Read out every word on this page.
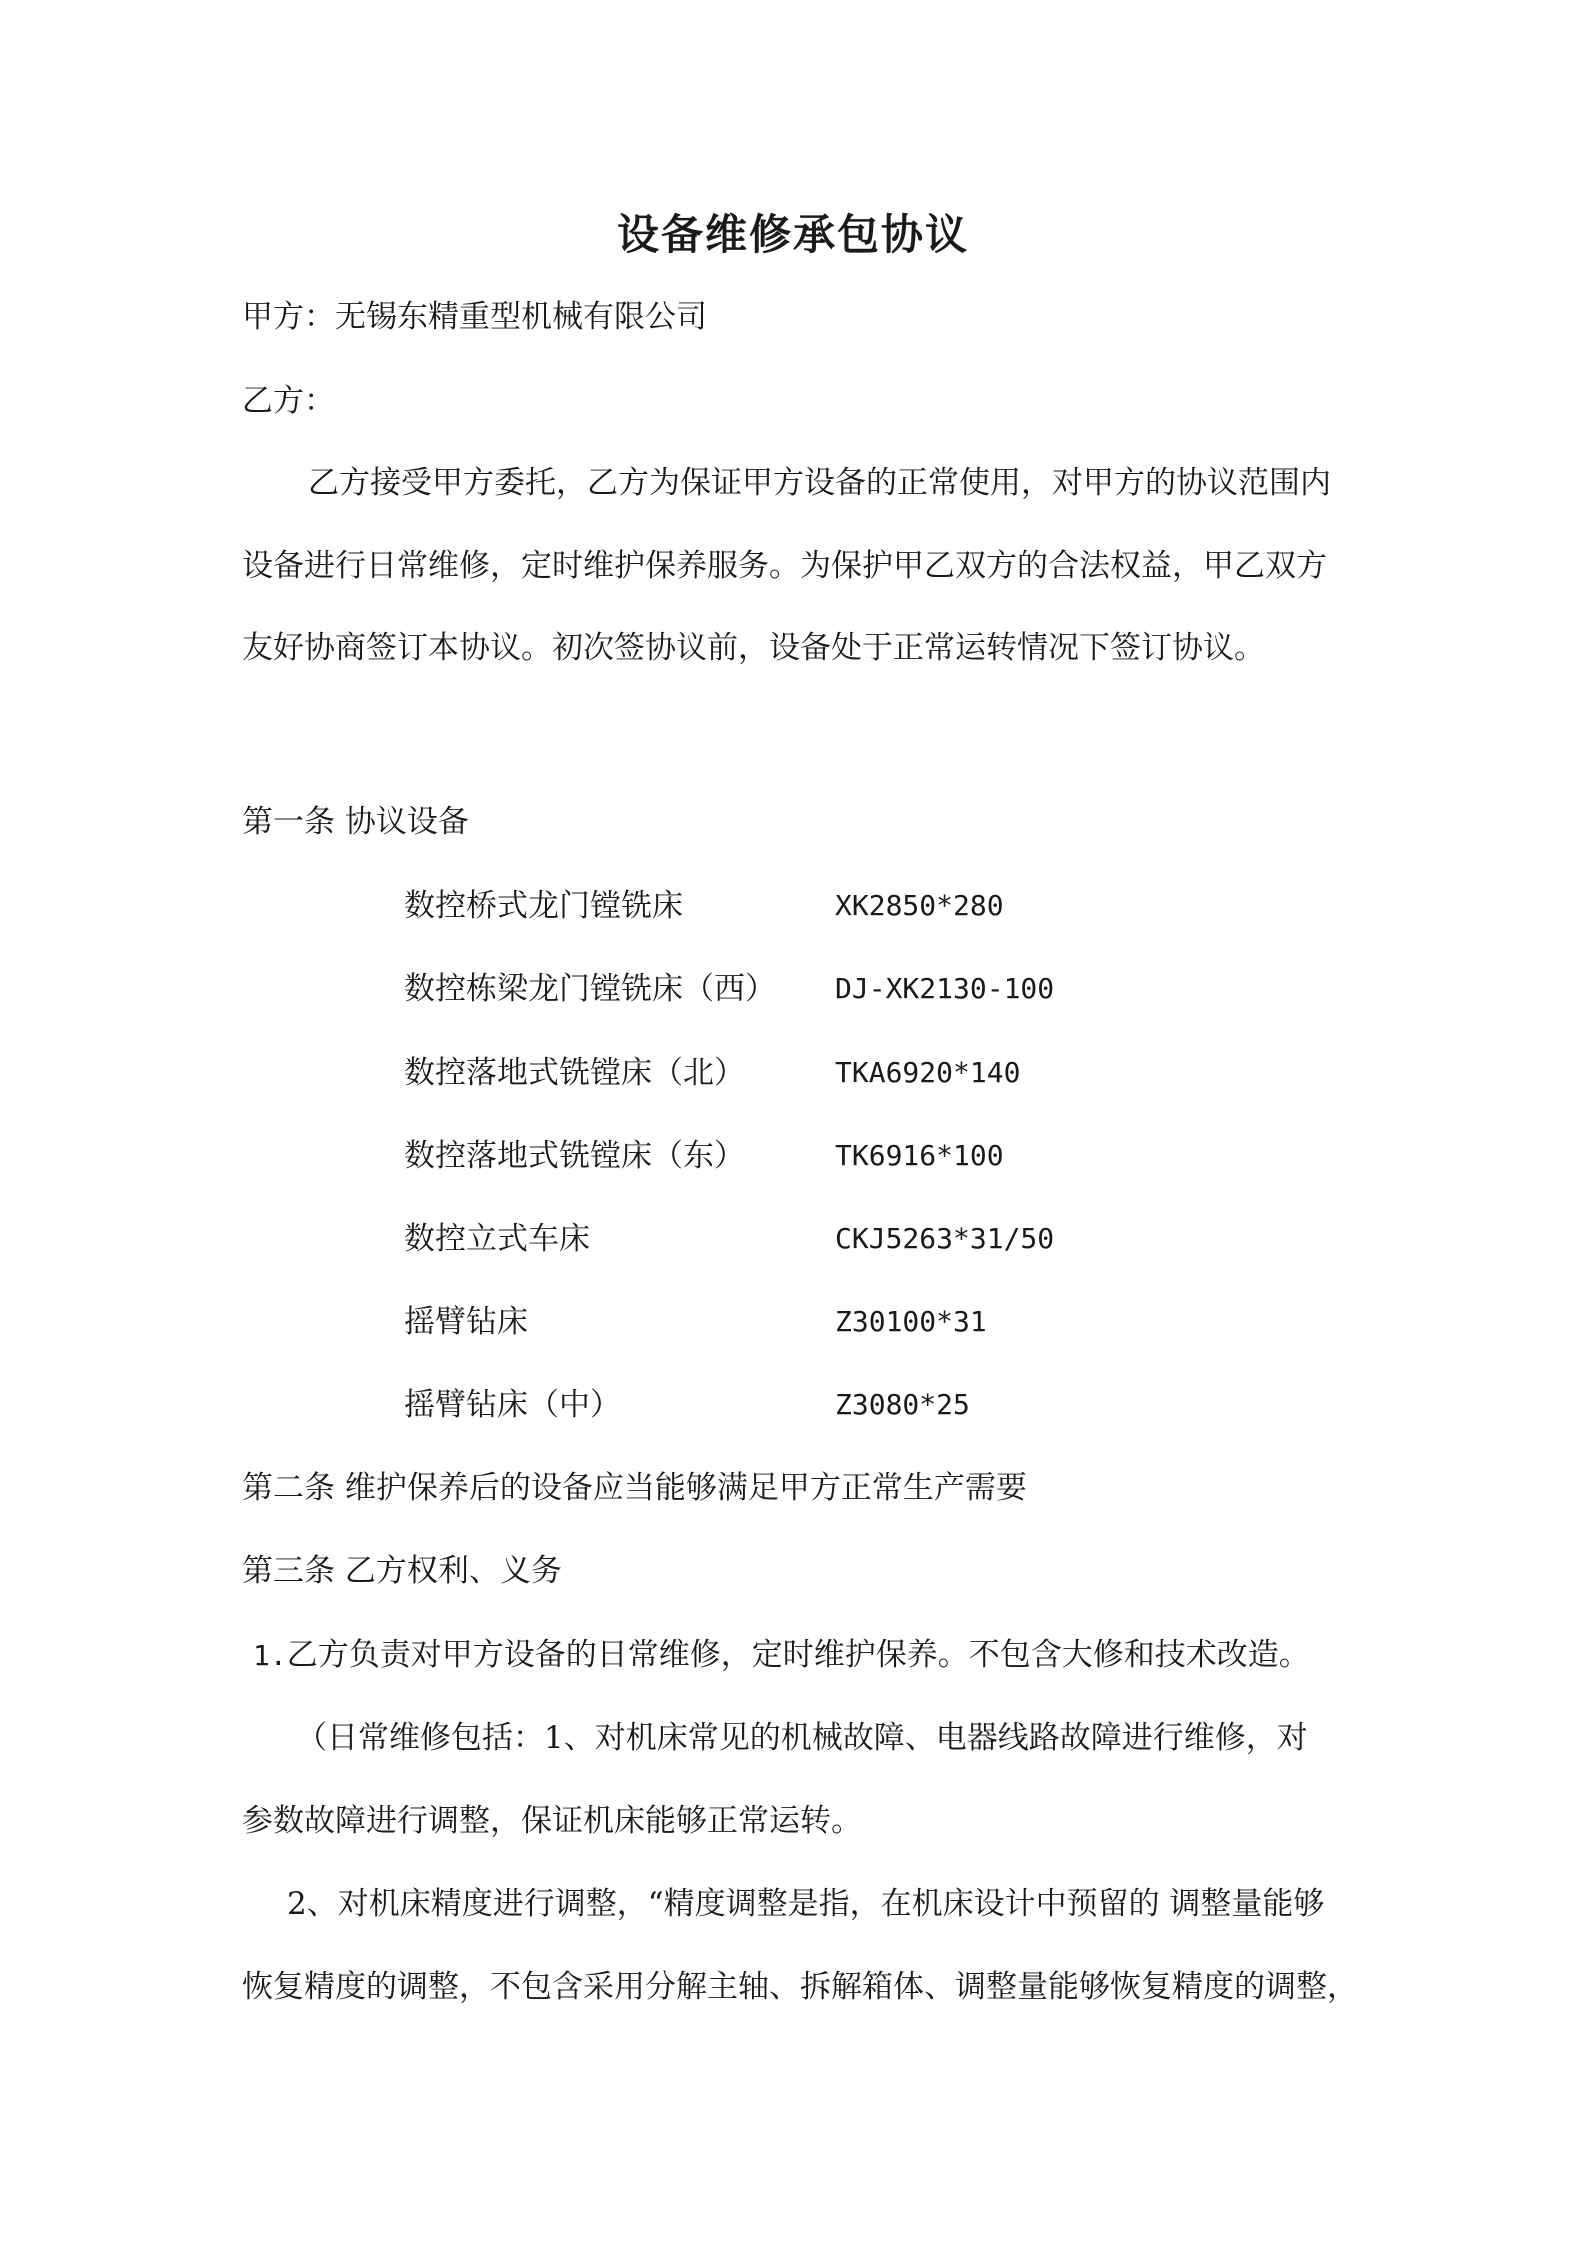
设备维修承包协议
甲方：无锡东精重型机械有限公司
乙方：
乙方接受甲方委托，乙方为保证甲方设备的正常使用，对甲方的协议范围内
设备进行日常维修，定时维护保养服务。为保护甲乙双方的合法权益，甲乙双方
友好协商签订本协议。初次签协议前，设备处于正常运转情况下签订协议。
第一条 协议设备
数控桥式龙门镗铣床	XK2850*280
数控栋梁龙门镗铣床（西） DJ-XK2130-100
数控落地式铣镗床（北）	TKA6920*140
数控落地式铣镗床（东）	TK6916*100
数控立式车床	CKJ5263*31/50
摇臂钻床	Z30100*31
摇臂钻床（中）	Z3080*25
第二条 维护保养后的设备应当能够满足甲方正常生产需要
第三条 乙方权利、义务
1.乙方负责对甲方设备的日常维修，定时维护保养。不包含大修和技术改造。
（日常维修包括：1、对机床常见的机械故障、电器线路故障进行维修，对
参数故障进行调整，保证机床能够正常运转。
2、对机床精度进行调整，“精度调整是指，在机床设计中预留的 调整量能够
恢复精度的调整，不包含采用分解主轴、拆解箱体、调整量能够恢复精度的调整，
